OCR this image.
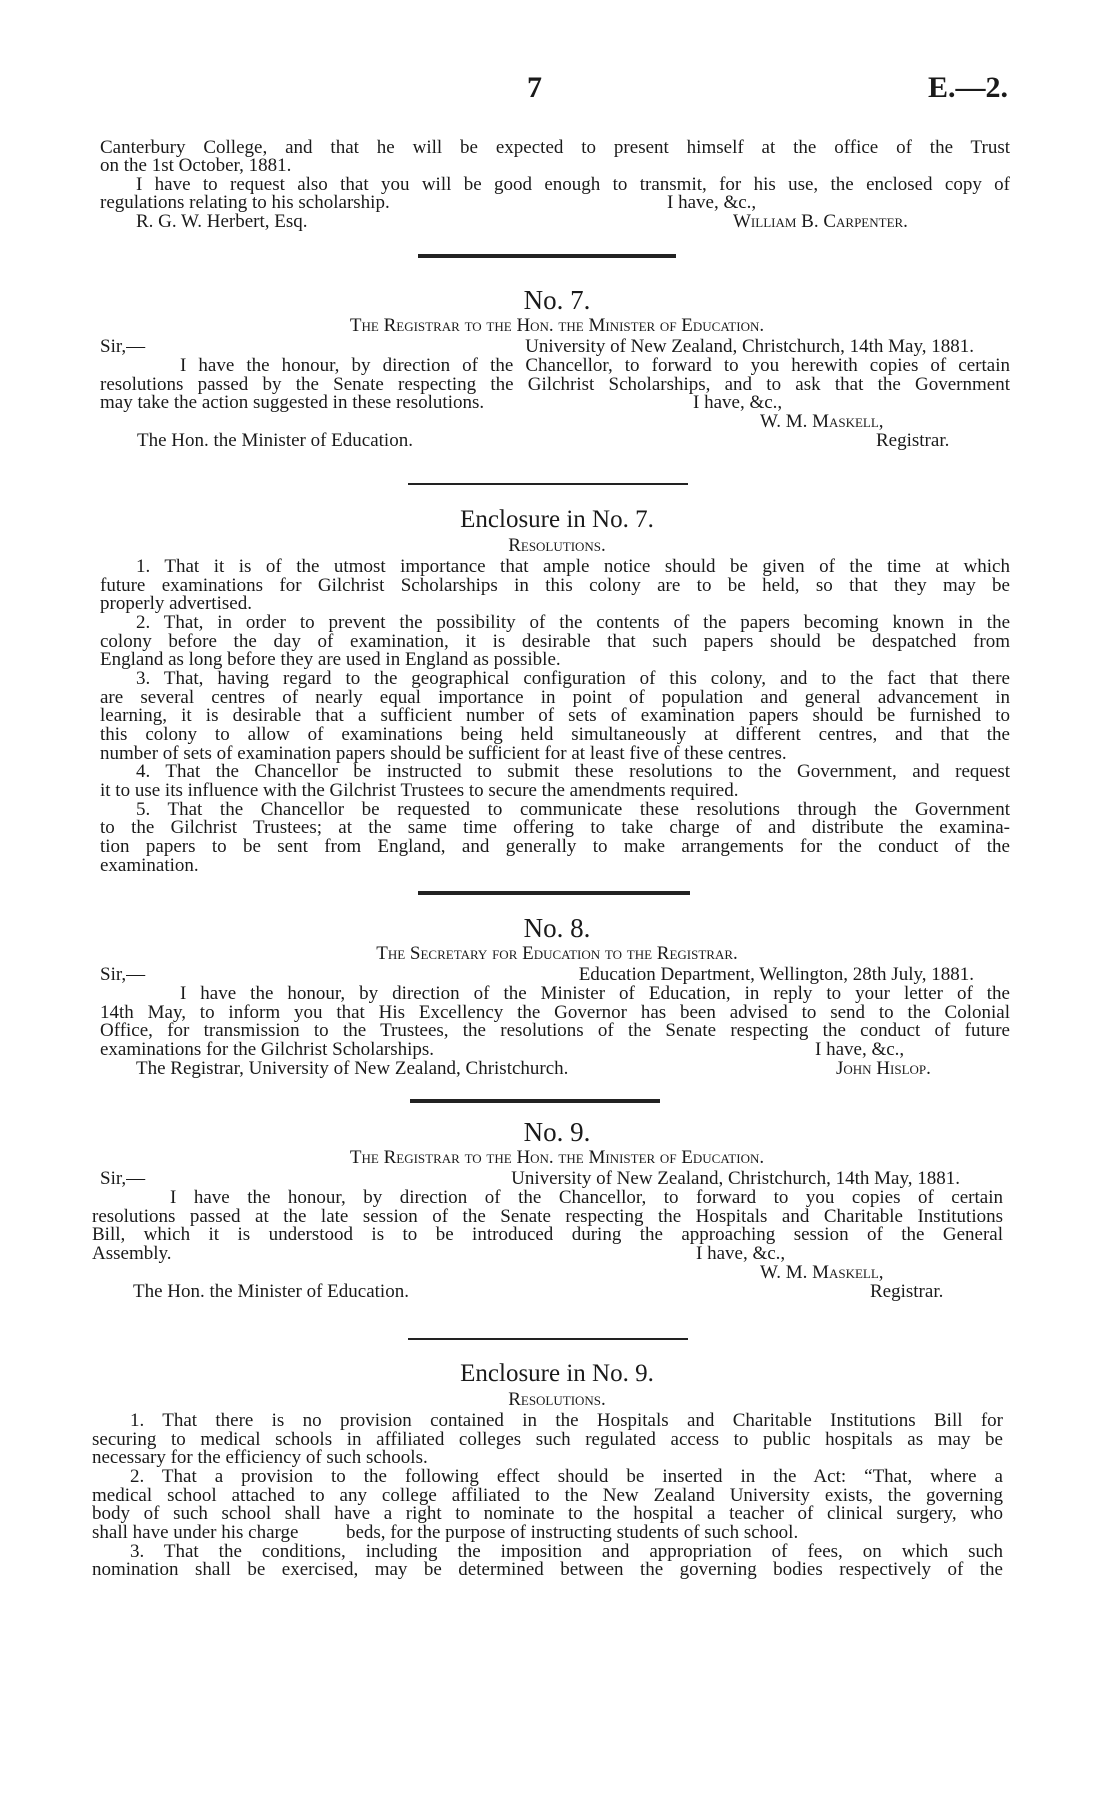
7	E.—2.
Canterbury College, and that he will be expected to present himself at the office of the Trust
on the 1st October, 1881.
I have to request also that you will be good enough to transmit, for his use, the enclosed copy of
regulations relating to his scholarship.	I have, &c.,
R. G. W. Herbert, Esq.	William B. Carpenter.
No. 7.
The Registrar to the Hon. the Minister of Education.
Sir,—	University of New Zealand, Christchurch, 14th May, 1881.
I have the honour, by direction of the Chancellor, to forward to you herewith copies of certain
resolutions passed by the Senate respecting the Gilchrist Scholarships, and to ask that the Government
may take the action suggested in these resolutions.	I have, &c.,
W. M. Maskell,
The Hon. the Minister of Education.	Registrar.
Enclosure in No. 7.
Resolutions.
1. That it is of the utmost importance that ample notice should be given of the time at which
future examinations for Gilchrist Scholarships in this colony are to be held, so that they may be
properly advertised.
2. That, in order to prevent the possibility of the contents of the papers becoming known in the
colony before the day of examination, it is desirable that such papers should be despatched from
England as long before they are used in England as possible.
3. That, having regard to the geographical configuration of this colony, and to the fact that there
are several centres of nearly equal importance in point of population and general advancement in
learning, it is desirable that a sufficient number of sets of examination papers should be furnished to
this colony to allow of examinations being held simultaneously at different centres, and that the
number of sets of examination papers should be sufficient for at least five of these centres.
4. That the Chancellor be instructed to submit these resolutions to the Government, and request
it to use its influence with the Gilchrist Trustees to secure the amendments required.
5. That the Chancellor be requested to communicate these resolutions through the Government
to the Gilchrist Trustees; at the same time offering to take charge of and distribute the examina-
tion papers to be sent from England, and generally to make arrangements for the conduct of the
examination.
No. 8.
The Secretary for Education to the Registrar.
Sir,—	Education Department, Wellington, 28th July, 1881.
I have the honour, by direction of the Minister of Education, in reply to your letter of the
14th May, to inform you that His Excellency the Governor has been advised to send to the Colonial
Office, for transmission to the Trustees, the resolutions of the Senate respecting the conduct of future
examinations for the Gilchrist Scholarships.	I have, &c.,
The Registrar, University of New Zealand, Christchurch.	John Hislop.
No. 9.
The Registrar to the Hon. the Minister of Education.
Sir,—	University of New Zealand, Christchurch, 14th May, 1881.
I have the honour, by direction of the Chancellor, to forward to you copies of certain
resolutions passed at the late session of the Senate respecting the Hospitals and Charitable Institutions
Bill, which it is understood is to be introduced during the approaching session of the General
Assembly.	I have, &c.,
W. M. Maskell,
The Hon. the Minister of Education.	Registrar.
Enclosure in No. 9.
Resolutions.
1. That there is no provision contained in the Hospitals and Charitable Institutions Bill for
securing to medical schools in affiliated colleges such regulated access to public hospitals as may be
necessary for the efficiency of such schools.
2. That a provision to the following effect should be inserted in the Act: “That, where a
medical school attached to any college affiliated to the New Zealand University exists, the governing
body of such school shall have a right to nominate to the hospital a teacher of clinical surgery, who
shall have under his charge          beds, for the purpose of instructing students of such school.
3. That the conditions, including the imposition and appropriation of fees, on which such
nomination shall be exercised, may be determined between the governing bodies respectively of the
